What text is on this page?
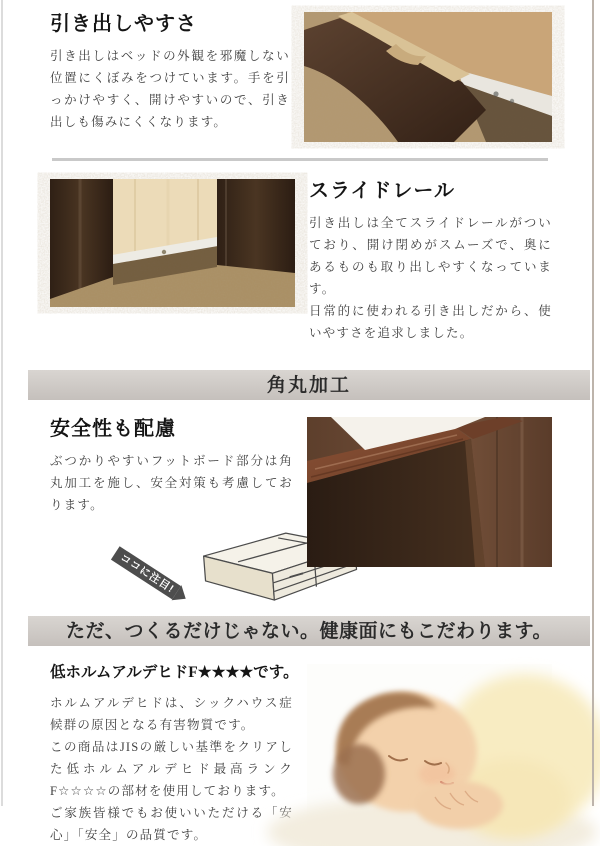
引き出しやすさ

引き出しはベッドの外観を邪魔しない位置にくぼみをつけています。手を引っかけやすく、開けやすいので、引き出しも傷みにくくなります。

スライドレール

引き出しは全てスライドレールがついており、開け閉めがスムーズで、奥にあるものも取り出しやすくなっています。

日常的に使われる引き出しだから、使いやすさを追求しました。

角丸加工
安全性も配慮

ぶつかりやすいフットボード部分は角丸加工を施し、安全対策も考慮しております。

ココに注目!
ただ、つくるだけじゃない。健康面にもこだわります。
低ホルムアルデヒドF★★★★です。

ホルムアルデヒドは、シックハウス症候群の原因となる有害物質です。

この商品はJISの厳しい基準をクリアした低ホルムアルデヒド最高ランクF☆☆☆☆の部材を使用しております。

ご家族皆様でもお使いいただける「安心」「安全」の品質です。
